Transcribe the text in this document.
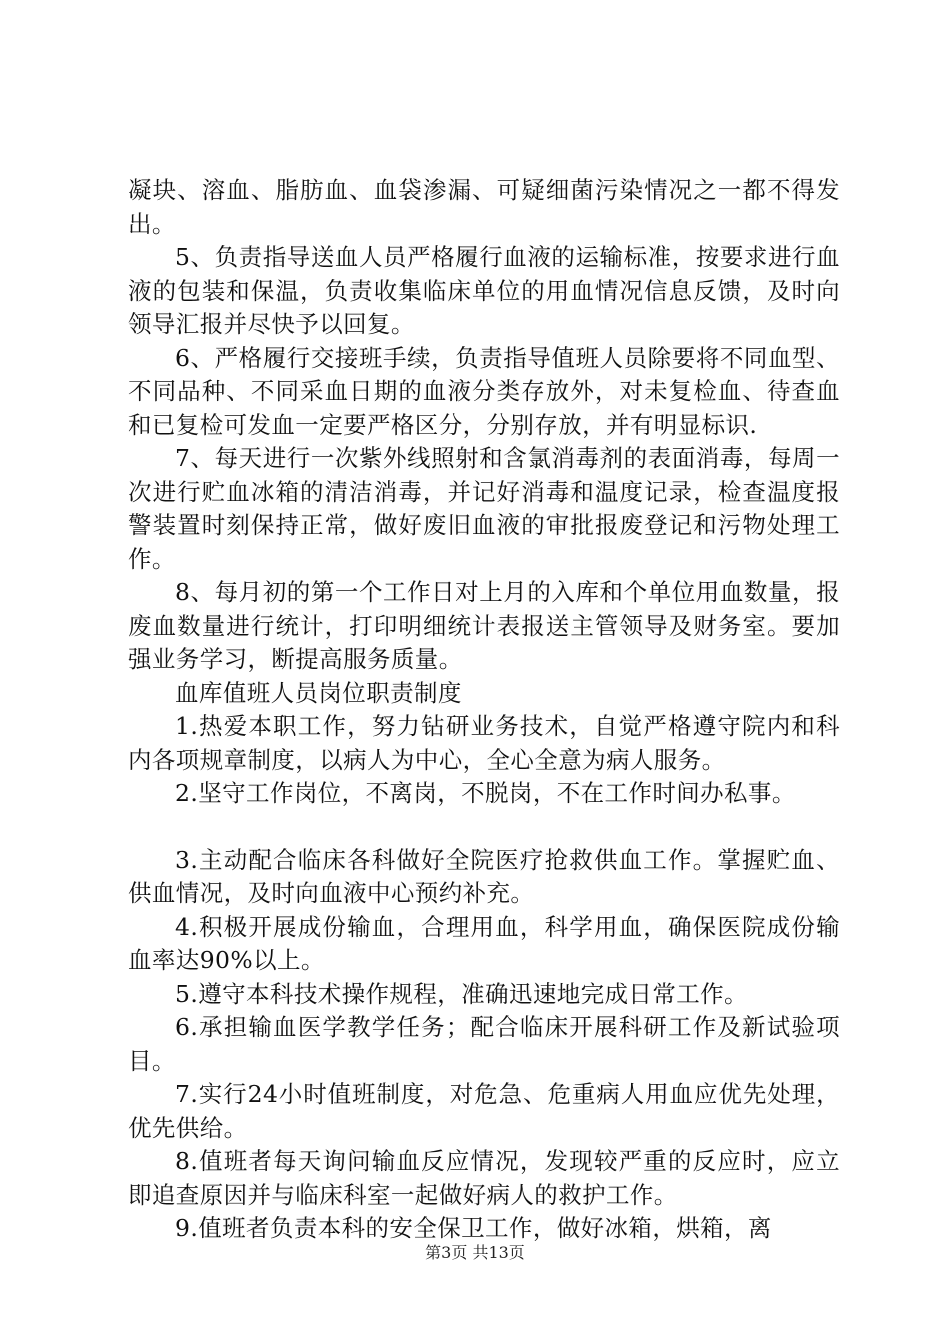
凝块、溶血、脂肪血、血袋渗漏、可疑细菌污染情况之一都不得发出。

5、负责指导送血人员严格履行血液的运输标准，按要求进行血液的包装和保温，负责收集临床单位的用血情况信息反馈，及时向领导汇报并尽快予以回复。

6、严格履行交接班手续，负责指导值班人员除要将不同血型、不同品种、不同采血日期的血液分类存放外，对未复检血、待查血和已复检可发血一定要严格区分，分别存放，并有明显标识.

7、每天进行一次紫外线照射和含氯消毒剂的表面消毒，每周一次进行贮血冰箱的清洁消毒，并记好消毒和温度记录，检查温度报警装置时刻保持正常，做好废旧血液的审批报废登记和污物处理工作。

8、每月初的第一个工作日对上月的入库和个单位用血数量，报废血数量进行统计，打印明细统计表报送主管领导及财务室。要加强业务学习，断提高服务质量。

血库值班人员岗位职责制度

1.热爱本职工作，努力钻研业务技术，自觉严格遵守院内和科内各项规章制度，以病人为中心，全心全意为病人服务。

2.坚守工作岗位，不离岗，不脱岗，不在工作时间办私事。

3.主动配合临床各科做好全院医疗抢救供血工作。掌握贮血、供血情况，及时向血液中心预约补充。

4.积极开展成份输血，合理用血，科学用血，确保医院成份输血率达90%以上。

5.遵守本科技术操作规程，准确迅速地完成日常工作。

6.承担输血医学教学任务；配合临床开展科研工作及新试验项目。

7.实行24小时值班制度，对危急、危重病人用血应优先处理，优先供给。

8.值班者每天询问输血反应情况，发现较严重的反应时，应立即追查原因并与临床科室一起做好病人的救护工作。

9.值班者负责本科的安全保卫工作，做好冰箱，烘箱，离

第3页 共13页
